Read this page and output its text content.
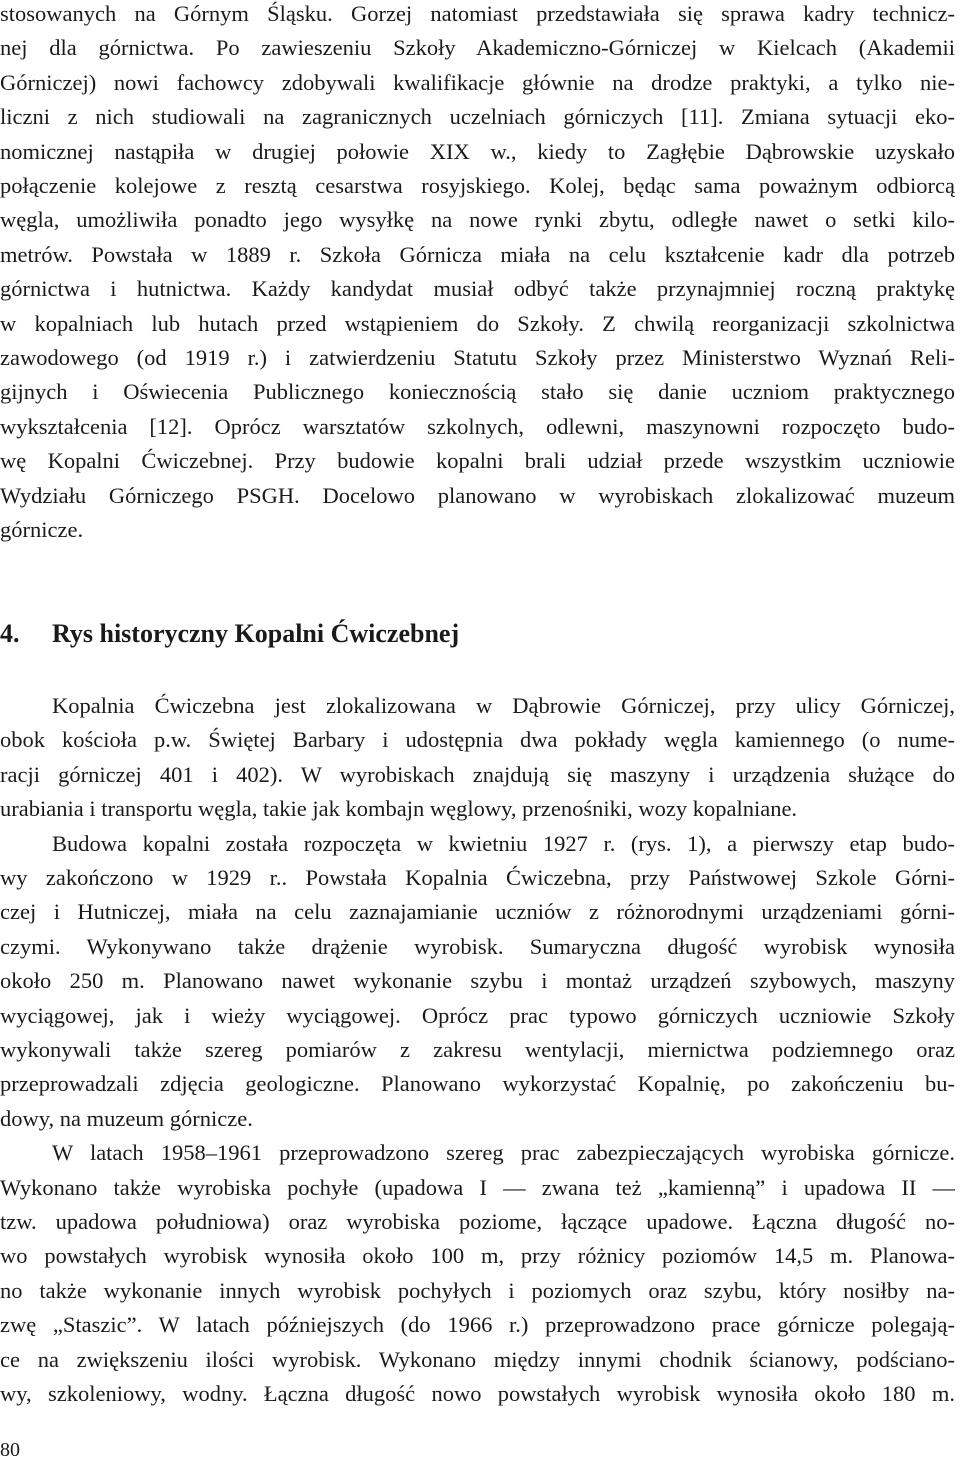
stosowanych na Górnym Śląsku. Gorzej natomiast przedstawiała się sprawa kadry technicz-
nej dla górnictwa. Po zawieszeniu Szkoły Akademiczno-Górniczej w Kielcach (Akademii
Górniczej) nowi fachowcy zdobywali kwalifikacje głównie na drodze praktyki, a tylko nie-
liczni z nich studiowali na zagranicznych uczelniach górniczych [11]. Zmiana sytuacji eko-
nomicznej nastąpiła w drugiej połowie XIX w., kiedy to Zagłębie Dąbrowskie uzyskało
połączenie kolejowe z resztą cesarstwa rosyjskiego. Kolej, będąc sama poważnym odbiorcą
węgla, umożliwiła ponadto jego wysyłkę na nowe rynki zbytu, odległe nawet o setki kilo-
metrów. Powstała w 1889 r. Szkoła Górnicza miała na celu kształcenie kadr dla potrzeb
górnictwa i hutnictwa. Każdy kandydat musiał odbyć także przynajmniej roczną praktykę
w kopalniach lub hutach przed wstąpieniem do Szkoły. Z chwilą reorganizacji szkolnictwa
zawodowego (od 1919 r.) i zatwierdzeniu Statutu Szkoły przez Ministerstwo Wyznań Reli-
gijnych i Oświecenia Publicznego koniecznością stało się danie uczniom praktycznego
wykształcenia [12]. Oprócz warsztatów szkolnych, odlewni, maszynowni rozpoczęto budo-
wę Kopalni Ćwiczebnej. Przy budowie kopalni brali udział przede wszystkim uczniowie
Wydziału Górniczego PSGH. Docelowo planowano w wyrobiskach zlokalizować muzeum
górnicze.
4. Rys historyczny Kopalni Ćwiczebnej
Kopalnia Ćwiczebna jest zlokalizowana w Dąbrowie Górniczej, przy ulicy Górniczej,
obok kościoła p.w. Świętej Barbary i udostępnia dwa pokłady węgla kamiennego (o nume-
racji górniczej 401 i 402). W wyrobiskach znajdują się maszyny i urządzenia służące do
urabiania i transportu węgla, takie jak kombajn węglowy, przenośniki, wozy kopalniane.
Budowa kopalni została rozpoczęta w kwietniu 1927 r. (rys. 1), a pierwszy etap budo-
wy zakończono w 1929 r.. Powstała Kopalnia Ćwiczebna, przy Państwowej Szkole Górni-
czej i Hutniczej, miała na celu zaznajamianie uczniów z różnorodnymi urządzeniami górni-
czymi. Wykonywano także drążenie wyrobisk. Sumaryczna długość wyrobisk wynosiła
około 250 m. Planowano nawet wykonanie szybu i montaż urządzeń szybowych, maszyny
wyciągowej, jak i wieży wyciągowej. Oprócz prac typowo górniczych uczniowie Szkoły
wykonywali także szereg pomiarów z zakresu wentylacji, miernictwa podziemnego oraz
przeprowadzali zdjęcia geologiczne. Planowano wykorzystać Kopalnię, po zakończeniu bu-
dowy, na muzeum górnicze.
W latach 1958–1961 przeprowadzono szereg prac zabezpieczających wyrobiska górnicze.
Wykonano także wyrobiska pochyłe (upadowa I — zwana też „kamienną” i upadowa II —
tzw. upadowa południowa) oraz wyrobiska poziome, łączące upadowe. Łączna długość no-
wo powstałych wyrobisk wynosiła około 100 m, przy różnicy poziomów 14,5 m. Planowa-
no także wykonanie innych wyrobisk pochyłych i poziomych oraz szybu, który nosiłby na-
zwę „Staszic”. W latach późniejszych (do 1966 r.) przeprowadzono prace górnicze polegają-
ce na zwiększeniu ilości wyrobisk. Wykonano między innymi chodnik ścianowy, podściano-
wy, szkoleniowy, wodny. Łączna długość nowo powstałych wyrobisk wynosiła około 180 m.
80
